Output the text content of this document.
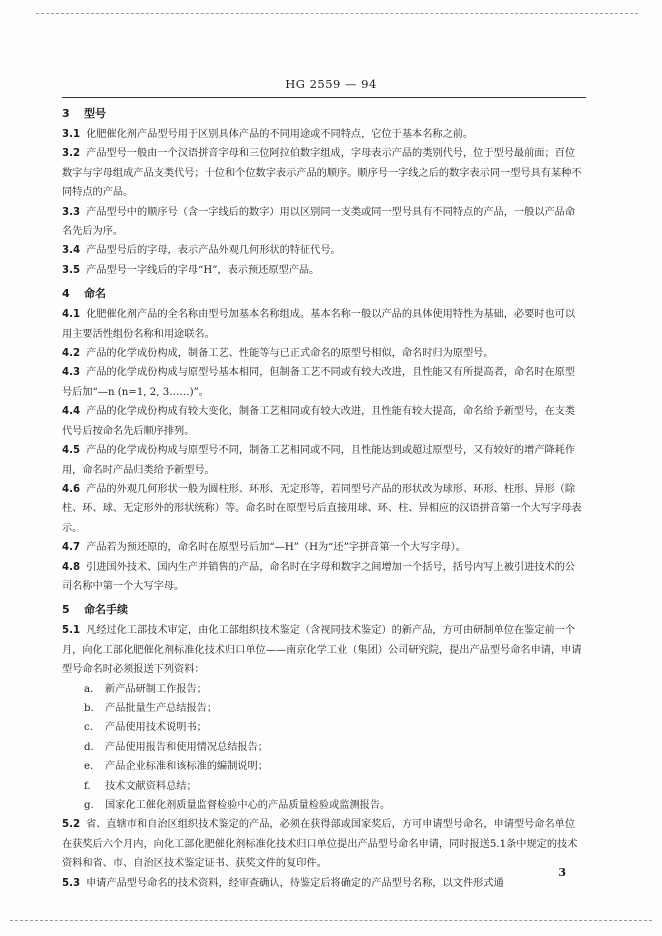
HG 2559 — 94
3 型号

3.1 化肥催化剂产品型号用于区别具体产品的不同用途或不同特点，它位于基本名称之前。

3.2 产品型号一般由一个汉语拼音字母和三位阿拉伯数字组成，字母表示产品的类别代号，位于型号最前面；百位数字与字母组成产品支类代号；十位和个位数字表示产品的顺序。顺序号一字线之后的数字表示同一型号具有某种不同特点的产品。

3.3 产品型号中的顺序号（含一字线后的数字）用以区别同一支类或同一型号具有不同特点的产品，一般以产品命名先后为序。

3.4 产品型号后的字母，表示产品外观几何形状的特征代号。

3.5 产品型号一字线后的字母“H”，表示预还原型产品。

4 命名

4.1 化肥催化剂产品的全名称由型号加基本名称组成。基本名称一般以产品的具体使用特性为基础，必要时也可以用主要活性组份名称和用途联名。

4.2 产品的化学成份构成，制备工艺、性能等与已正式命名的原型号相似，命名时归为原型号。

4.3 产品的化学成份构成与原型号基本相同，但制备工艺不同或有较大改进，且性能又有所提高者，命名时在原型号后加“—n (n=1, 2, 3……)”。

4.4 产品的化学成份构成有较大变化，制备工艺相同或有较大改进，且性能有较大提高，命名给予新型号，在支类代号后按命名先后顺序排列。

4.5 产品的化学成份构成与原型号不同，制备工艺相同或不同，且性能达到或超过原型号，又有较好的增产降耗作用，命名时产品归类给予新型号。

4.6 产品的外观几何形状一般为圆柱形、环形、无定形等，若同型号产品的形状改为球形、环形、柱形、异形（除柱、环、球、无定形外的形状统称）等。命名时在原型号后直接用球、环、柱、异相应的汉语拼音第一个大写字母表示。

4.7 产品若为预还原的，命名时在原型号后加“—H”（H为“还”字拼音第一个大写字母）。

4.8 引进国外技术、国内生产并销售的产品，命名时在字母和数字之间增加一个括号，括号内写上被引进技术的公司名称中第一个大写字母。

5 命名手续

5.1 凡经过化工部技术审定，由化工部组织技术鉴定（含视同技术鉴定）的新产品，方可由研制单位在鉴定前一个月，向化工部化肥催化剂标准化技术归口单位——南京化学工业（集团）公司研究院，提出产品型号命名申请，申请型号命名时必须报送下列资料：

a. 新产品研制工作报告；
b. 产品批量生产总结报告；
c. 产品使用技术说明书；
d. 产品使用报告和使用情况总结报告；
e. 产品企业标准和该标准的编制说明；
f. 技术文献资料总结；
g. 国家化工催化剂质量监督检验中心的产品质量检验或监测报告。

5.2 省、直辖市和自治区组织技术鉴定的产品，必须在获得部或国家奖后，方可申请型号命名，申请型号命名单位在获奖后六个月内，向化工部化肥催化剂标准化技术归口单位提出产品型号命名申请，同时报送5.1条中规定的技术资料和省、市、自治区技术鉴定证书、获奖文件的复印件。

5.3 申请产品型号命名的技术资料，经审查确认，待鉴定后将确定的产品型号名称，以文件形式通

3
